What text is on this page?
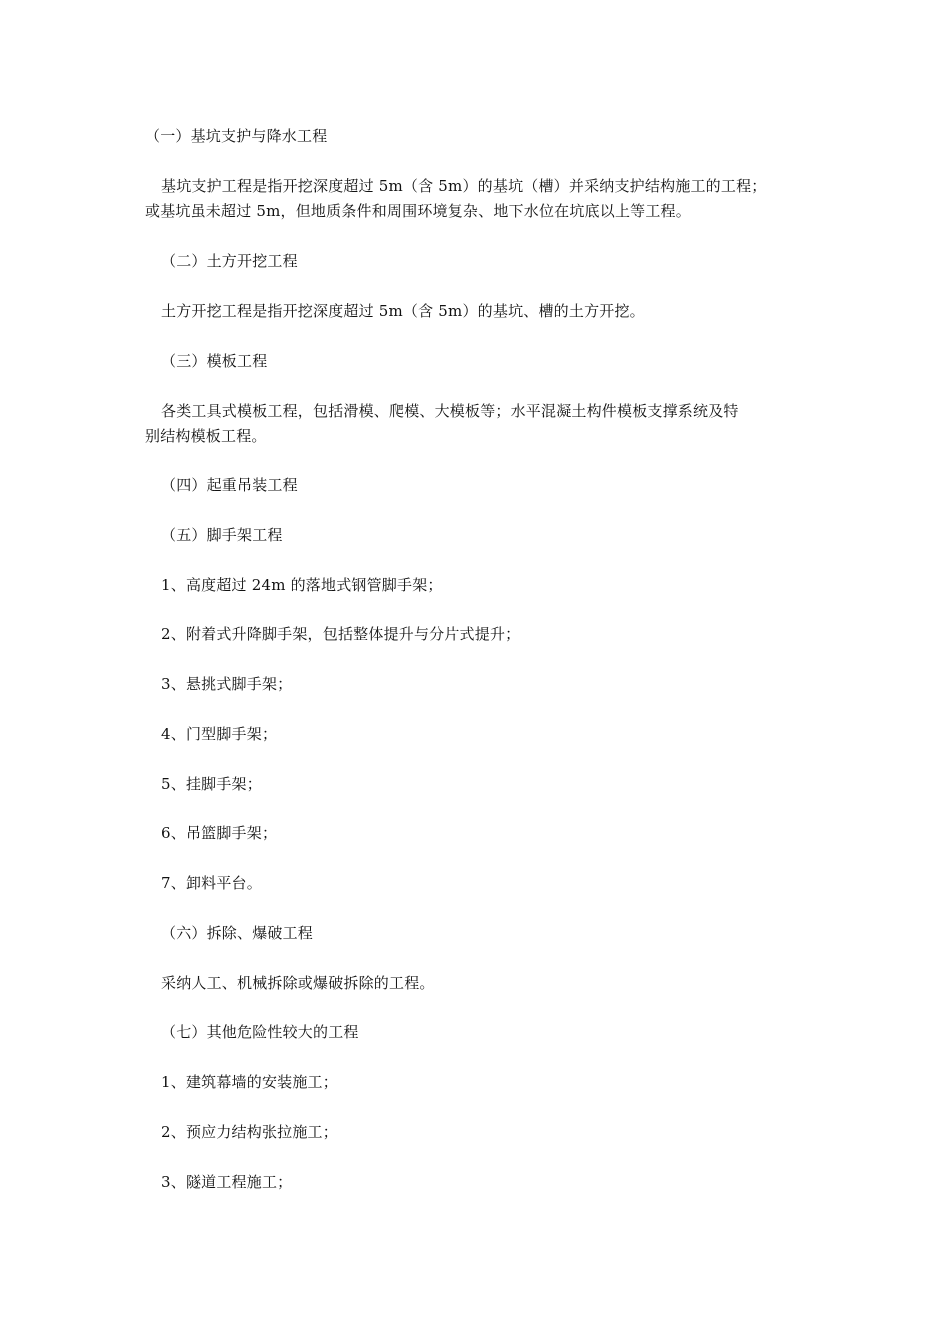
（一）基坑支护与降水工程
基坑支护工程是指开挖深度超过 5m（含 5m）的基坑（槽）并采纳支护结构施工的工程；
或基坑虽未超过 5m，但地质条件和周围环境复杂、地下水位在坑底以上等工程。
（二）土方开挖工程
土方开挖工程是指开挖深度超过 5m（含 5m）的基坑、槽的土方开挖。
（三）模板工程
各类工具式模板工程，包括滑模、爬模、大模板等；水平混凝土构件模板支撑系统及特
别结构模板工程。
（四）起重吊装工程
（五）脚手架工程
1、高度超过 24m 的落地式钢管脚手架；
2、附着式升降脚手架，包括整体提升与分片式提升；
3、悬挑式脚手架；
4、门型脚手架；
5、挂脚手架；
6、吊篮脚手架；
7、卸料平台。
（六）拆除、爆破工程
采纳人工、机械拆除或爆破拆除的工程。
（七）其他危险性较大的工程
1、建筑幕墙的安装施工；
2、预应力结构张拉施工；
3、隧道工程施工；
